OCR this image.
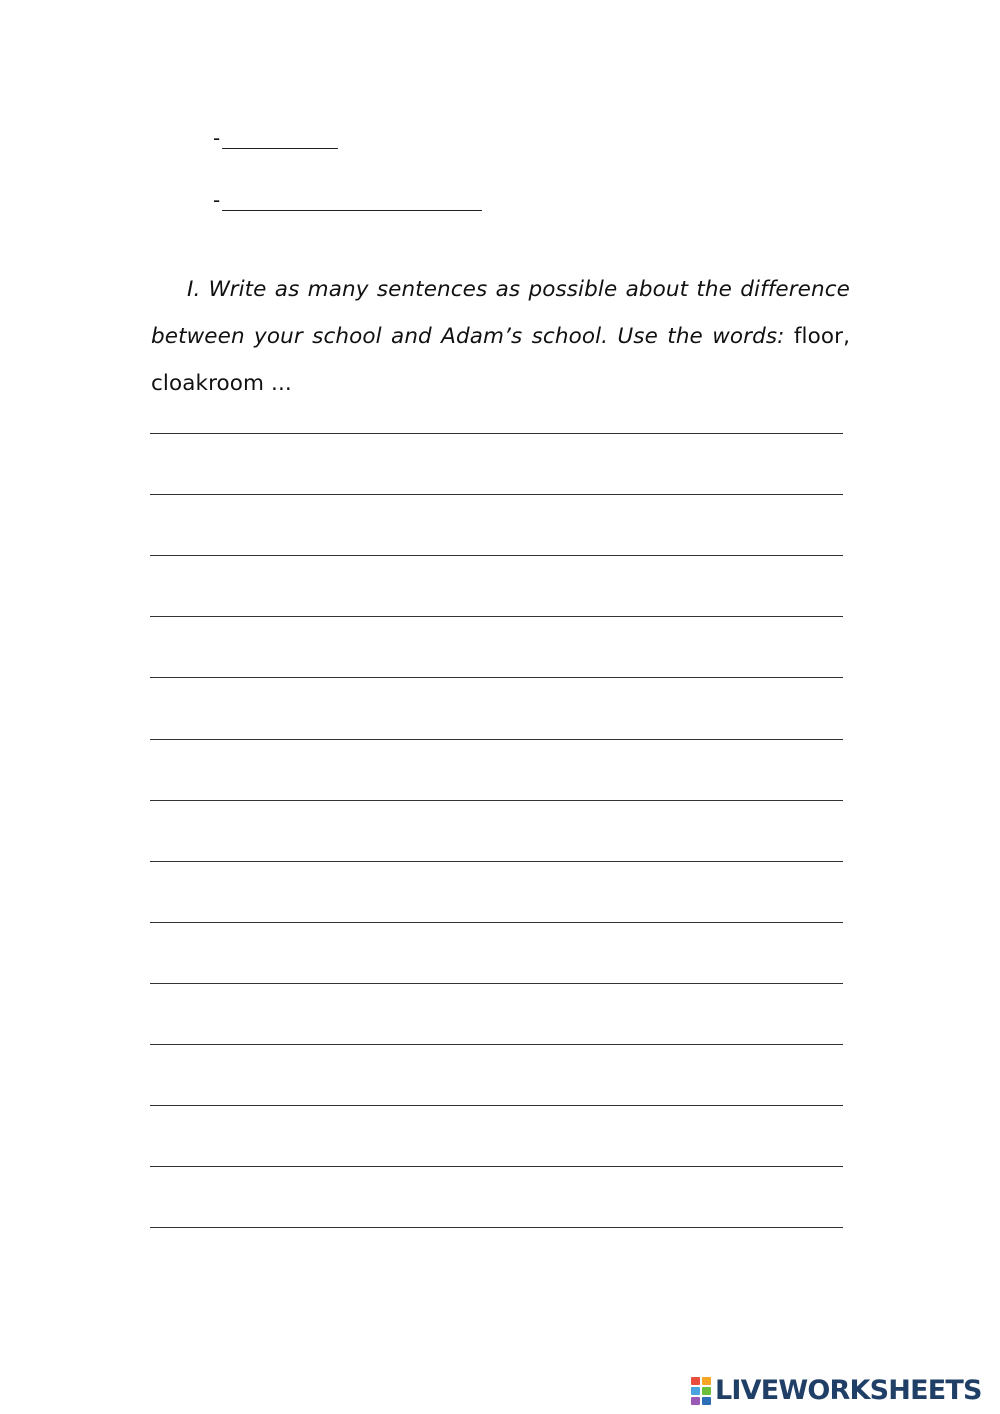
-
-
I. Write as many sentences as possible about the difference
between your school and Adam’s school. Use the words: floor, cloakroom ...
LIVEWORKSHEETS
